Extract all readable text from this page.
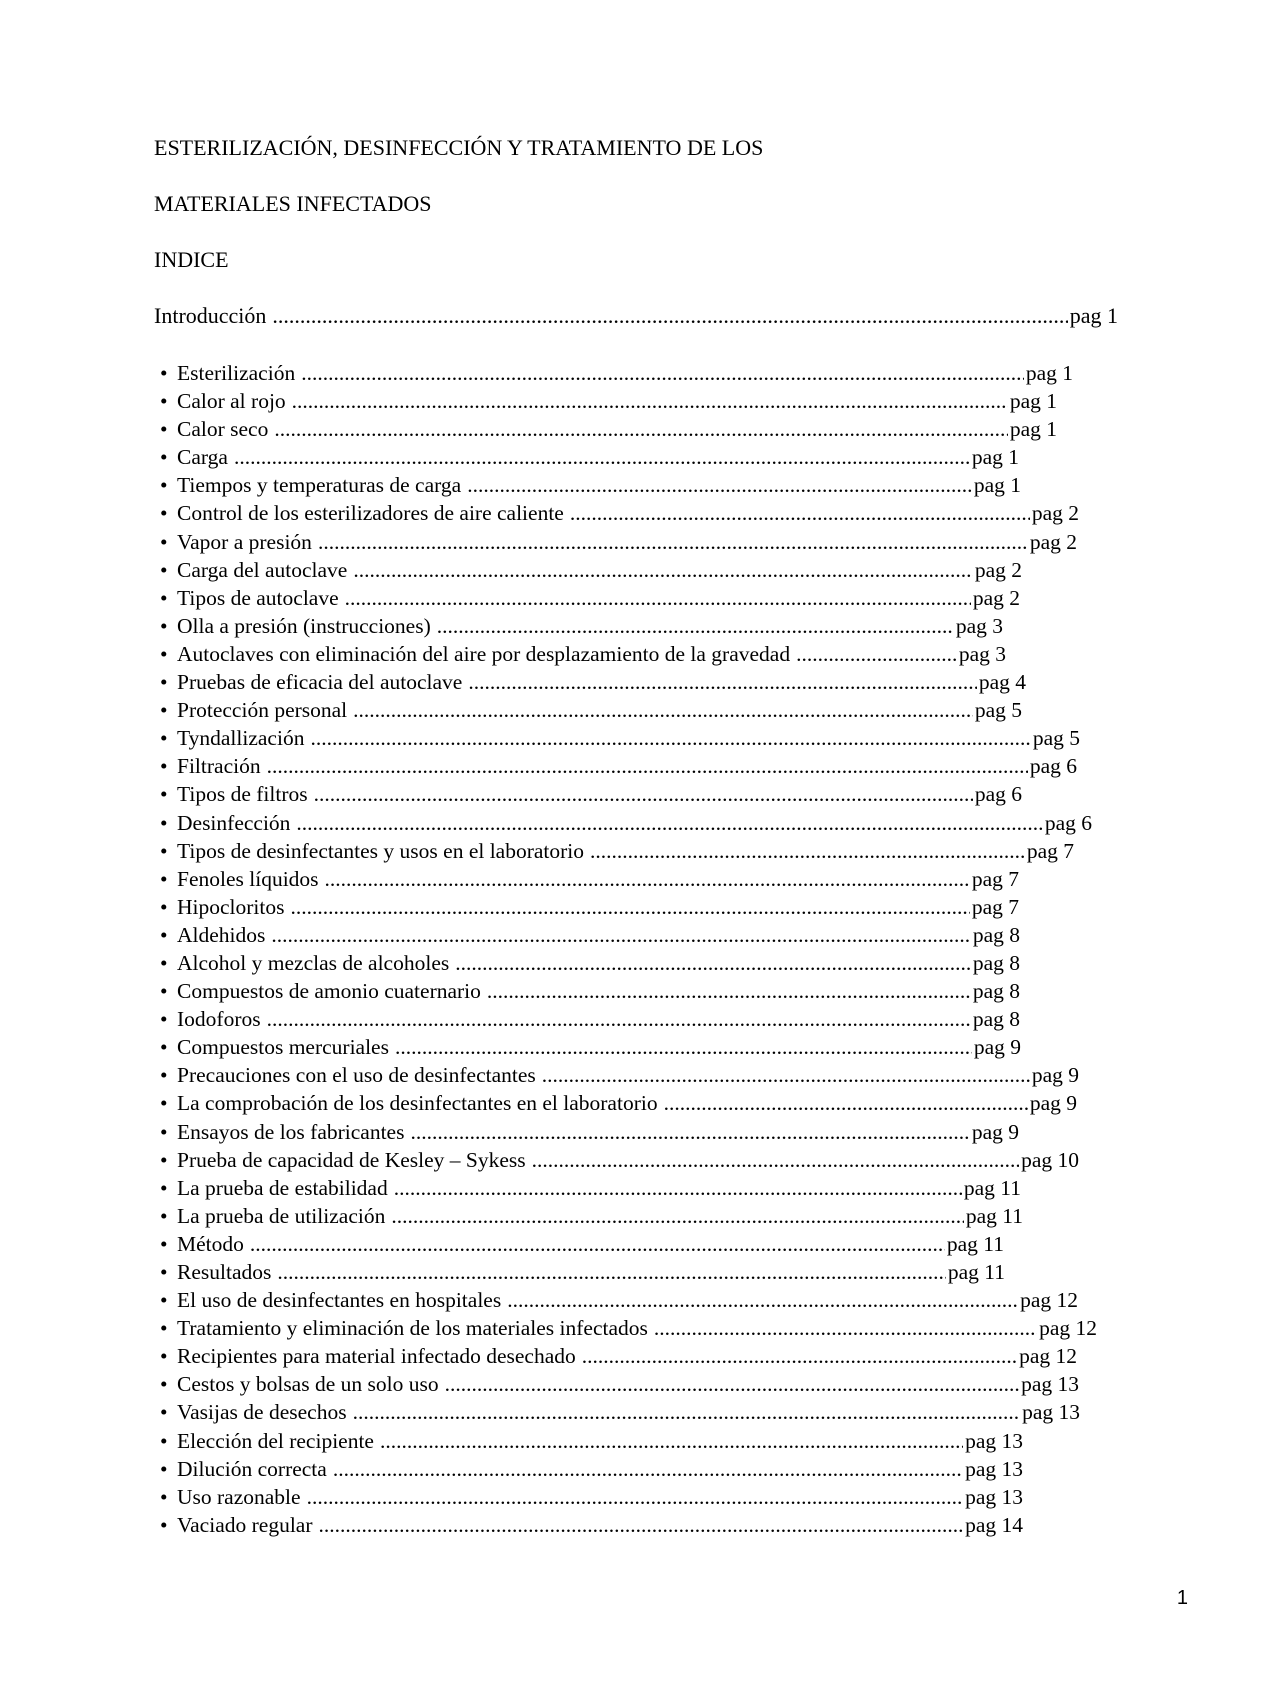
ESTERILIZACIÓN, DESINFECCIÓN Y TRATAMIENTO DE LOS
MATERIALES INFECTADOS
INDICE
Introducción .....	pag 1
• Esterilización .....	pag 1
• Calor al rojo .....	pag 1
• Calor seco .....	pag 1
• Carga .....	pag 1
• Tiempos y temperaturas de carga .....	pag 1
• Control de los esterilizadores de aire caliente .....	pag 2
• Vapor a presión .....	pag 2
• Carga del autoclave .....	pag 2
• Tipos de autoclave .....	pag 2
• Olla a presión (instrucciones) .....	pag 3
• Autoclaves con eliminación del aire por desplazamiento de la gravedad .....	pag 3
• Pruebas de eficacia del autoclave .....	pag 4
• Protección personal .....	pag 5
• Tyndallización .....	pag 5
• Filtración .....	pag 6
• Tipos de filtros .....	pag 6
• Desinfección .....	pag 6
• Tipos de desinfectantes y usos en el laboratorio .....	pag 7
• Fenoles líquidos .....	pag 7
• Hipocloritos .....	pag 7
• Aldehidos .....	pag 8
• Alcohol y mezclas de alcoholes .....	pag 8
• Compuestos de amonio cuaternario .....	pag 8
• Iodoforos .....	pag 8
• Compuestos mercuriales .....	pag 9
• Precauciones con el uso de desinfectantes .....	pag 9
• La comprobación de los desinfectantes en el laboratorio .....	pag 9
• Ensayos de los fabricantes .....	pag 9
• Prueba de capacidad de Kesley – Sykess .....	pag 10
• La prueba de estabilidad .....	pag 11
• La prueba de utilización .....	pag 11
• Método .....	pag 11
• Resultados .....	pag 11
• El uso de desinfectantes en hospitales .....	pag 12
• Tratamiento y eliminación de los materiales infectados .....	pag 12
• Recipientes para material infectado desechado .....	pag 12
• Cestos y bolsas de un solo uso .....	pag 13
• Vasijas de desechos .....	pag 13
• Elección del recipiente .....	pag 13
• Dilución correcta .....	pag 13
• Uso razonable .....	pag 13
• Vaciado regular .....	pag 14
1
